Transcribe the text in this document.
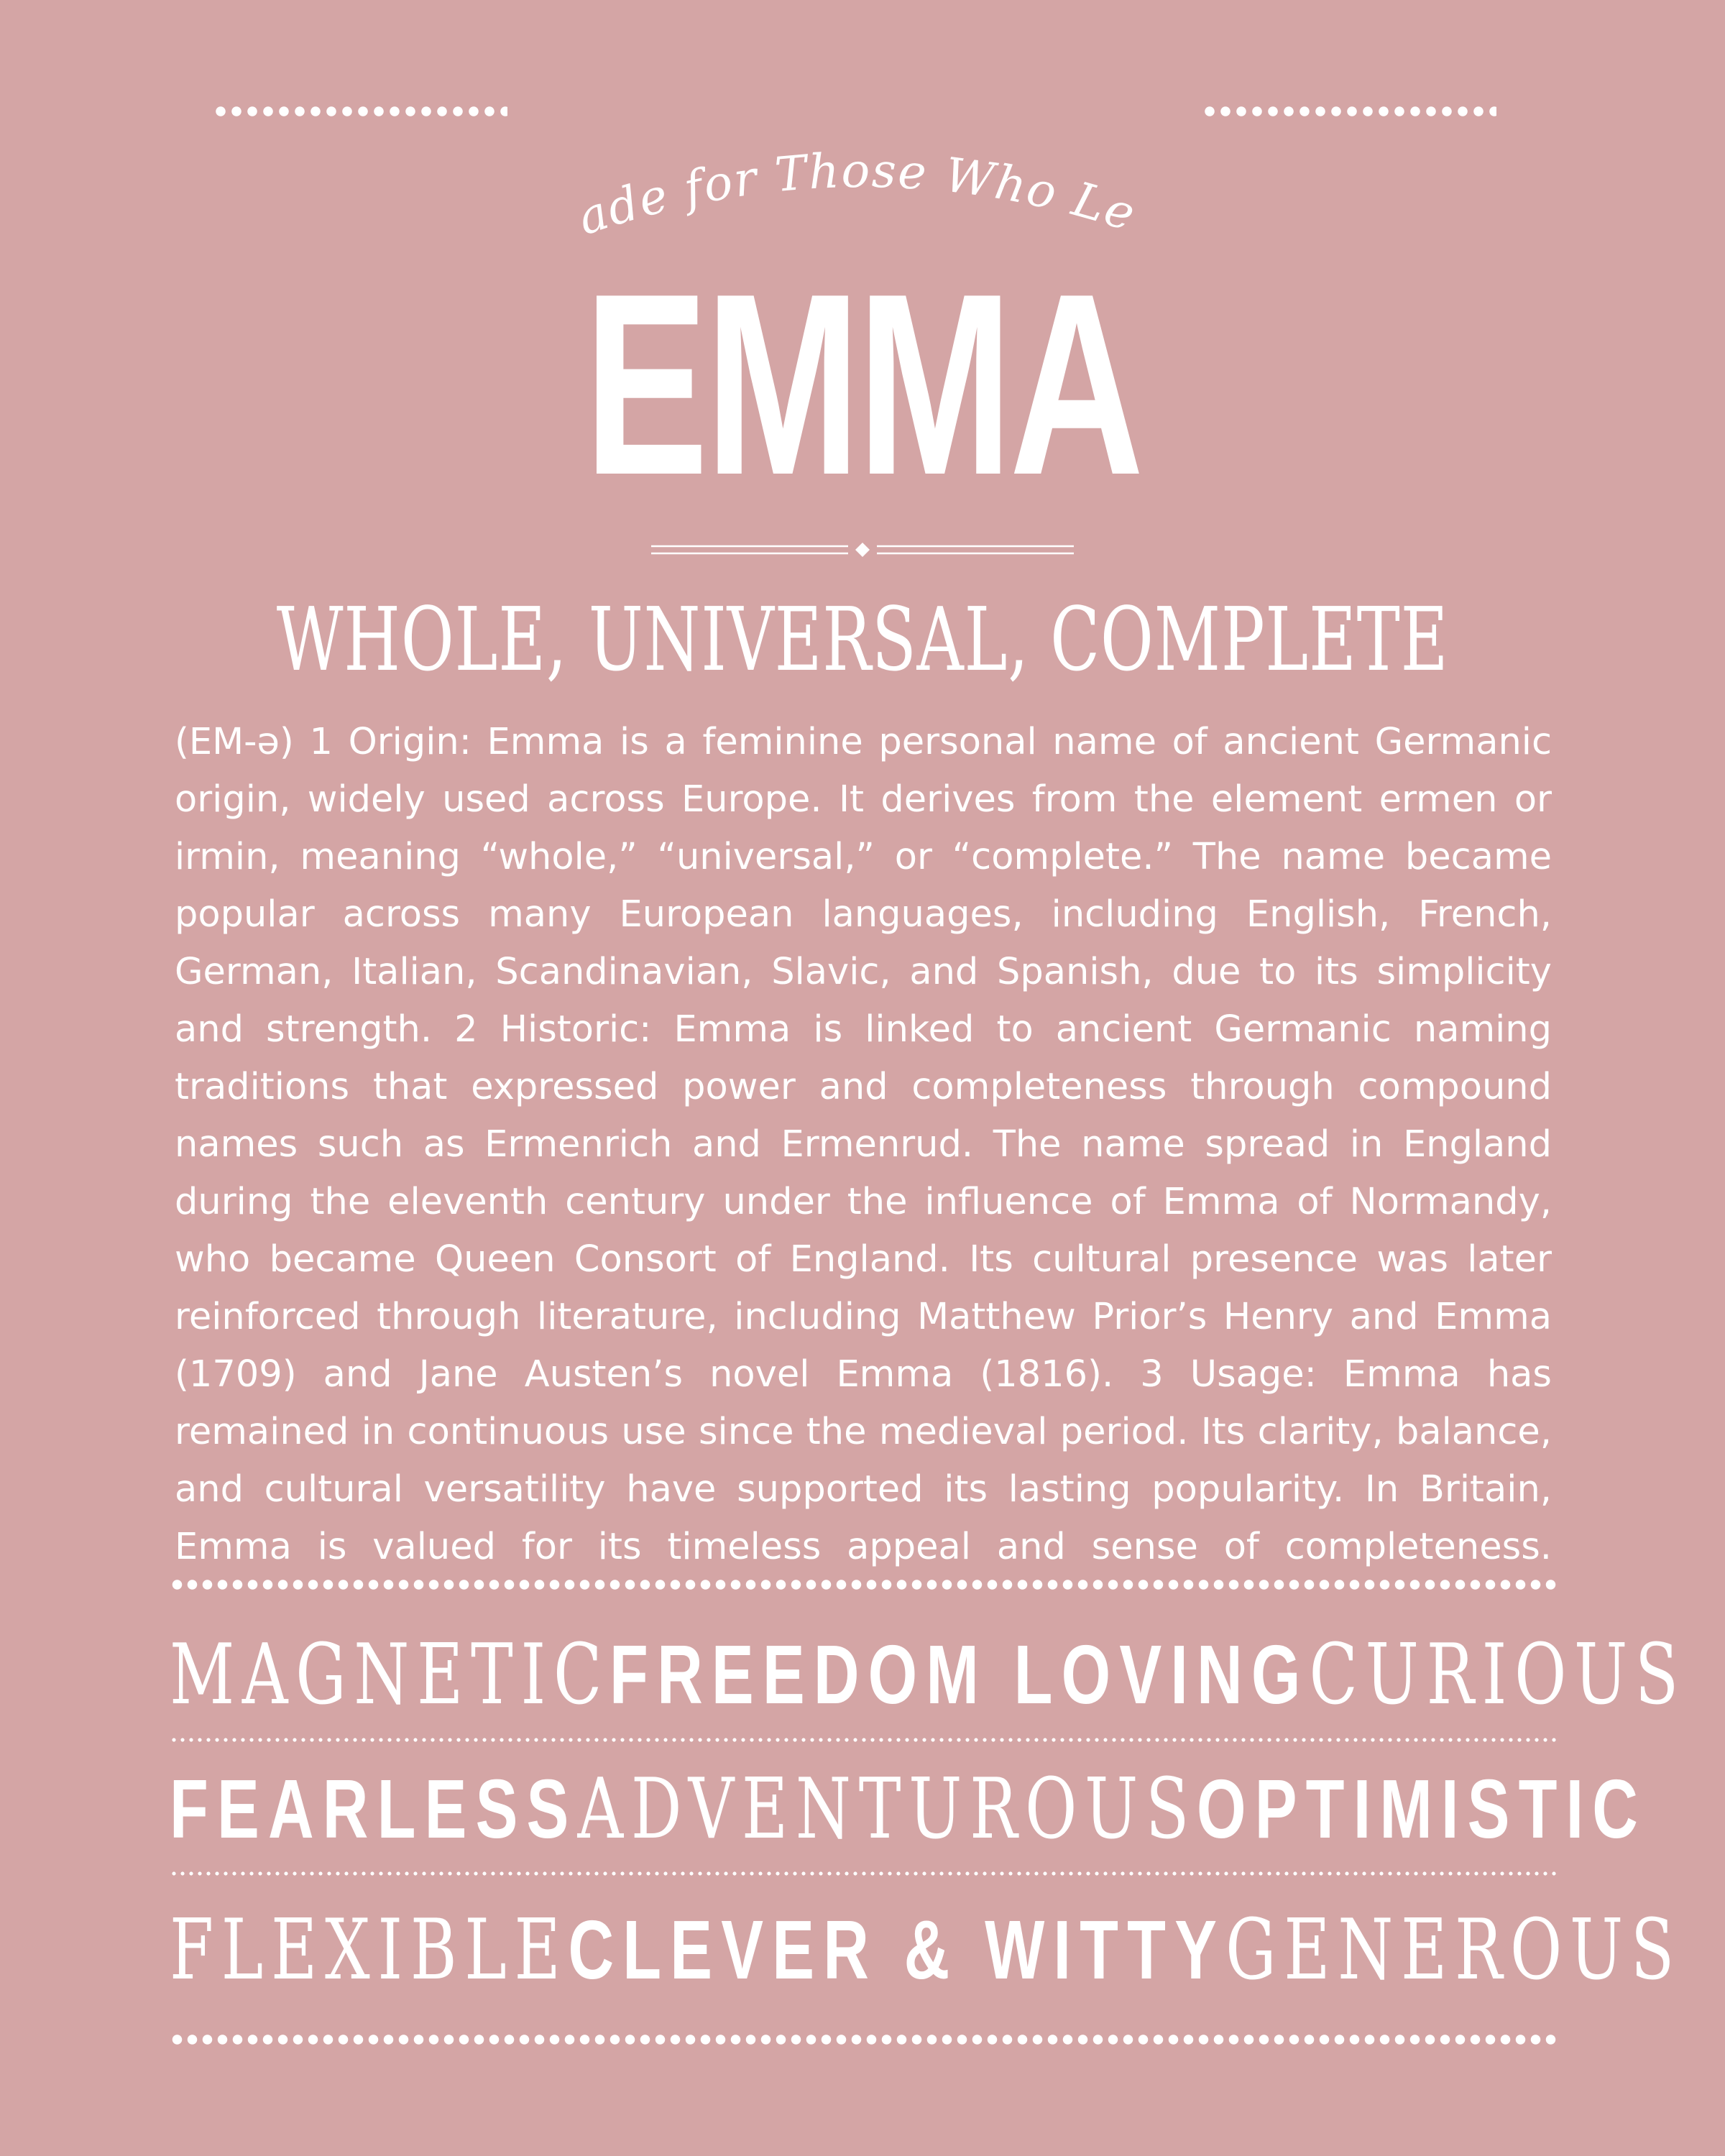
ade for Those Who Le
EMMA
WHOLE, UNIVERSAL, COMPLETE
(EM-ə) 1 Origin: Emma is a feminine personal name of ancient Germanic origin, widely used across Europe. It derives from the element ermen or irmin, meaning “whole,” “universal,” or “complete.” The name became popular across many European languages, including English, French, German, Italian, Scandinavian, Slavic, and Spanish, due to its simplicity and strength. 2 Historic: Emma is linked to ancient Germanic naming traditions that expressed power and completeness through compound names such as Ermenrich and Ermenrud. The name spread in England during the eleventh century under the influence of Emma of Normandy, who became Queen Consort of England. Its cultural presence was later reinforced through literature, including Matthew Prior’s Henry and Emma (1709) and Jane Austen’s novel Emma (1816). 3 Usage: Emma has remained in continuous use since the medieval period. Its clarity, balance, and cultural versatility have supported its lasting popularity. In Britain, Emma is valued for its timeless appeal and sense of completeness.
MAGNETIC FREEDOM LOVING CURIOUS
FEARLESS ADVENTUROUS OPTIMISTIC
FLEXIBLE CLEVER & WITTY GENEROUS
